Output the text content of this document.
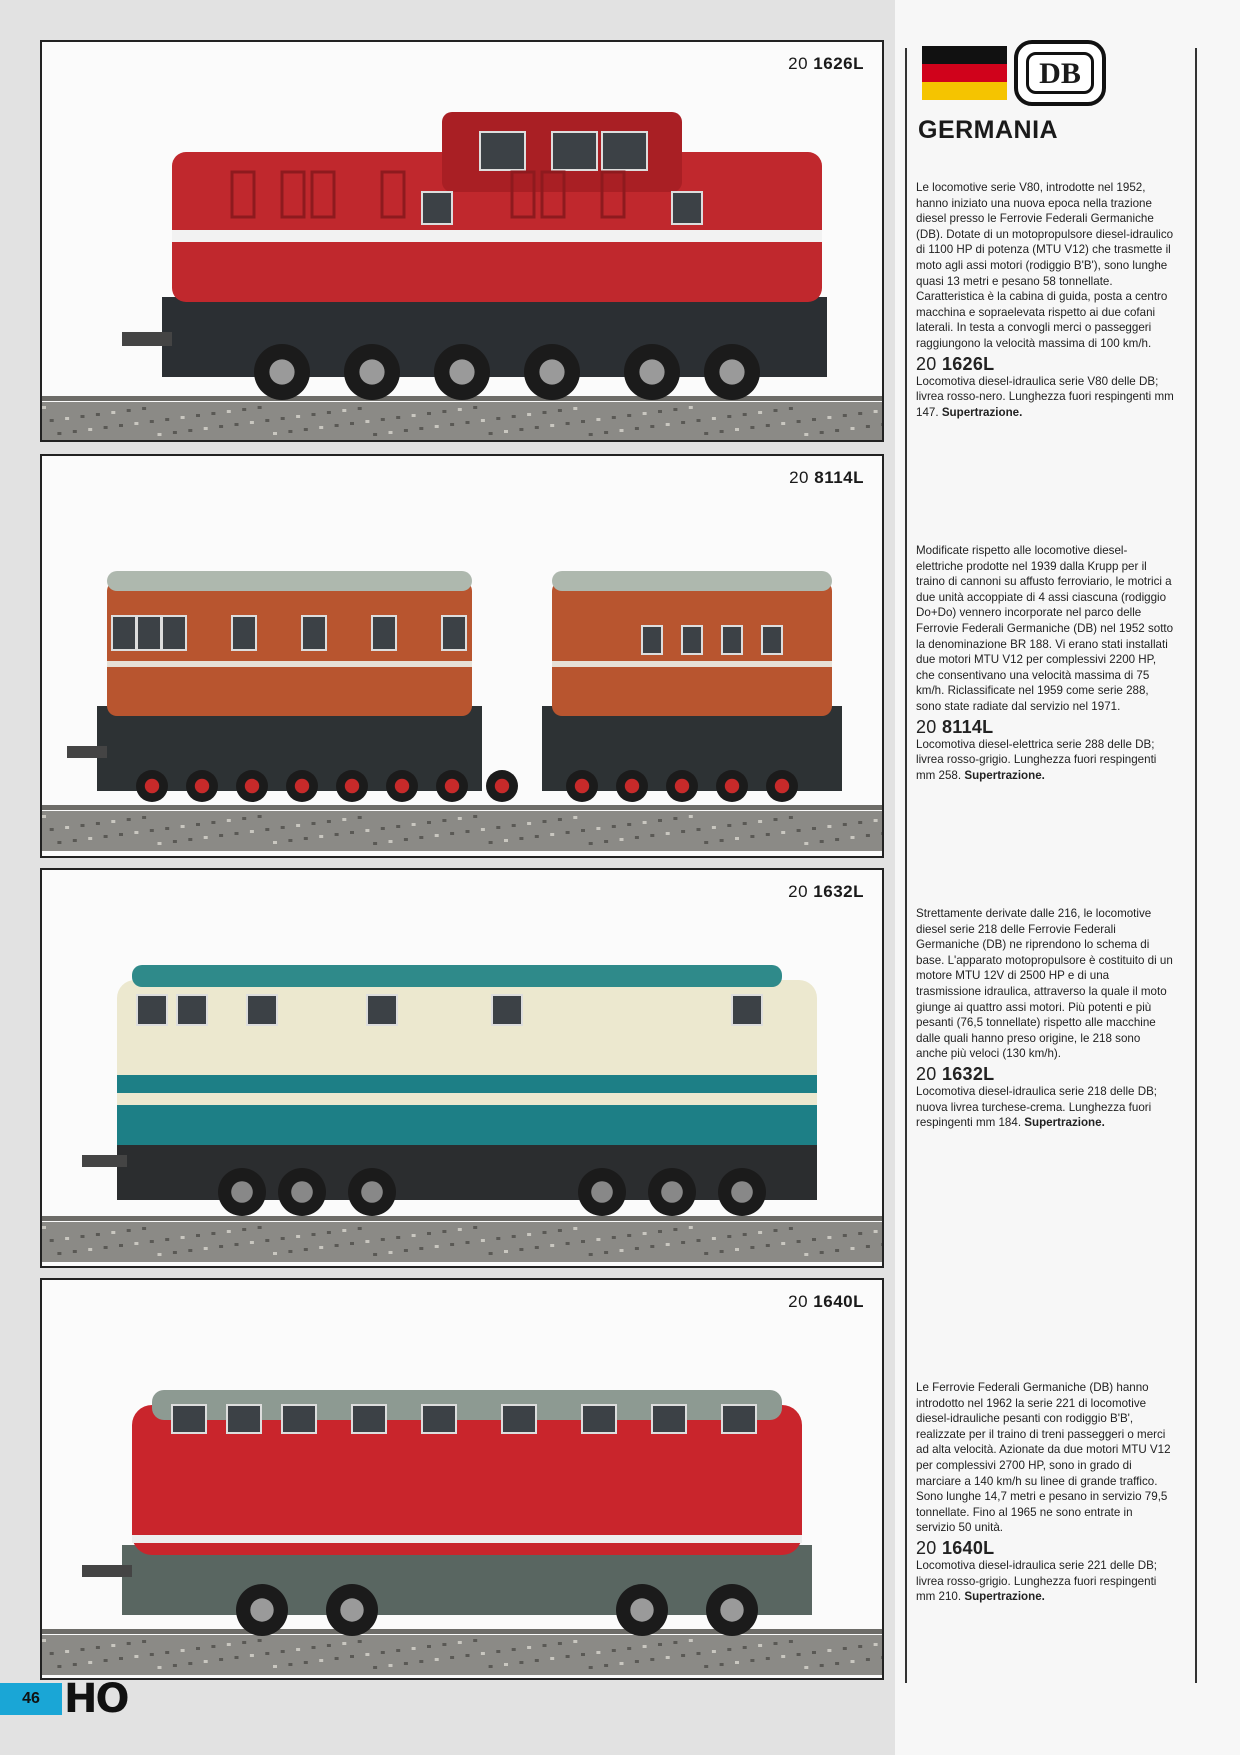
20 1626L
20 8114L
20 1632L
20 1640L
DB
GERMANIA

Le locomotive serie V80, introdotte nel 1952, hanno iniziato una nuova epoca nella trazione diesel presso le Ferrovie Federali Germaniche (DB). Dotate di un motopropulsore diesel-idraulico di 1100 HP di potenza (MTU V12) che trasmette il moto agli assi motori (rodiggio B'B'), sono lunghe quasi 13 metri e pesano 58 tonnellate. Caratteristica è la cabina di guida, posta a centro macchina e sopraelevata rispetto ai due cofani laterali. In testa a convogli merci o passeggeri raggiungono la velocità massima di 100 km/h.

20 1626L

Locomotiva diesel-idraulica serie V80 delle DB; livrea rosso-nero. Lunghezza fuori respingenti mm 147. Supertrazione.

Modificate rispetto alle locomotive diesel-elettriche prodotte nel 1939 dalla Krupp per il traino di cannoni su affusto ferroviario, le motrici a due unità accoppiate di 4 assi ciascuna (rodiggio Do+Do) vennero incorporate nel parco delle Ferrovie Federali Germaniche (DB) nel 1952 sotto la denominazione BR 188. Vi erano stati installati due motori MTU V12 per complessivi 2200 HP, che consentivano una velocità massima di 75 km/h. Riclassificate nel 1959 come serie 288, sono state radiate dal servizio nel 1971.

20 8114L

Locomotiva diesel-elettrica serie 288 delle DB; livrea rosso-grigio. Lunghezza fuori respingenti mm 258. Supertrazione.

Strettamente derivate dalle 216, le locomotive diesel serie 218 delle Ferrovie Federali Germaniche (DB) ne riprendono lo schema di base. L'apparato motopropulsore è costituito di un motore MTU 12V di 2500 HP e di una trasmissione idraulica, attraverso la quale il moto giunge ai quattro assi motori. Più potenti e più pesanti (76,5 tonnellate) rispetto alle macchine dalle quali hanno preso origine, le 218 sono anche più veloci (130 km/h).

20 1632L

Locomotiva diesel-idraulica serie 218 delle DB; nuova livrea turchese-crema. Lunghezza fuori respingenti mm 184. Supertrazione.

Le Ferrovie Federali Germaniche (DB) hanno introdotto nel 1962 la serie 221 di locomotive diesel-idrauliche pesanti con rodiggio B'B', realizzate per il traino di treni passeggeri o merci ad alta velocità. Azionate da due motori MTU V12 per complessivi 2700 HP, sono in grado di marciare a 140 km/h su linee di grande traffico. Sono lunghe 14,7 metri e pesano in servizio 79,5 tonnellate. Fino al 1965 ne sono entrate in servizio 50 unità.

20 1640L

Locomotiva diesel-idraulica serie 221 delle DB; livrea rosso-grigio. Lunghezza fuori respingenti mm 210. Supertrazione.

46 HO
